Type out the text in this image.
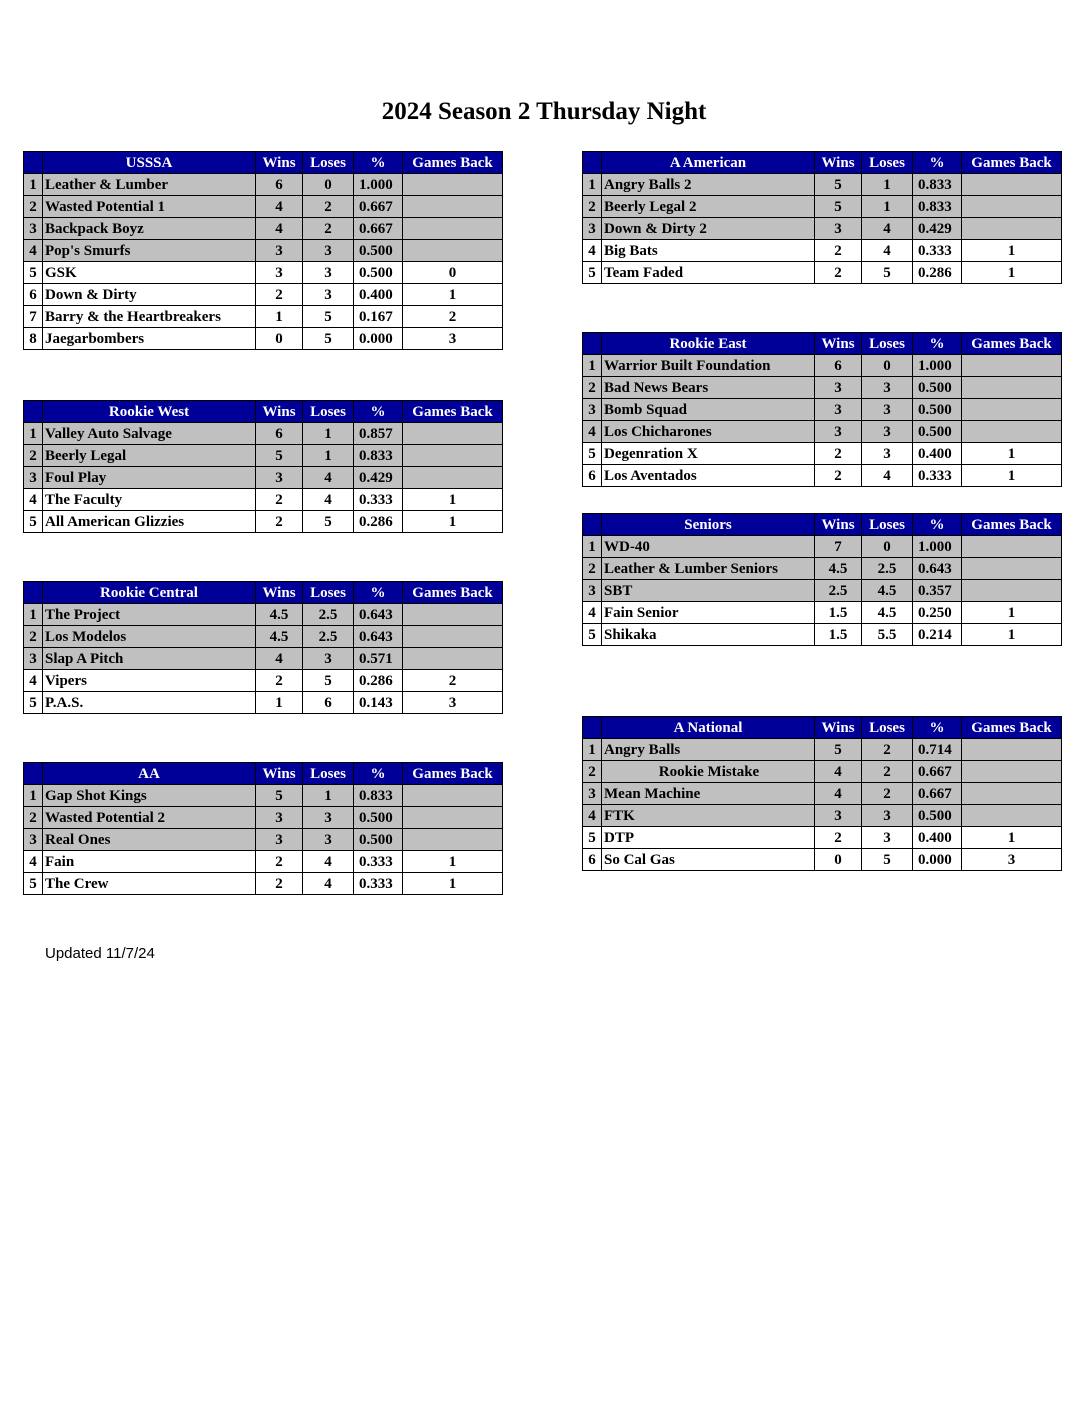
2024 Season 2 Thursday Night
	USSSA	Wins	Loses	%	Games Back
1	Leather & Lumber	6	0	1.000	
2	Wasted Potential 1	4	2	0.667	
3	Backpack Boyz	4	2	0.667	
4	Pop's Smurfs	3	3	0.500	
5	GSK	3	3	0.500	0
6	Down & Dirty	2	3	0.400	1
7	Barry & the Heartbreakers	1	5	0.167	2
8	Jaegarbombers	0	5	0.000	3
	Rookie West	Wins	Loses	%	Games Back
1	Valley Auto Salvage	6	1	0.857	
2	Beerly Legal	5	1	0.833	
3	Foul Play	3	4	0.429	
4	The Faculty	2	4	0.333	1
5	All American Glizzies	2	5	0.286	1
	Rookie Central	Wins	Loses	%	Games Back
1	The Project	4.5	2.5	0.643	
2	Los Modelos	4.5	2.5	0.643	
3	Slap A Pitch	4	3	0.571	
4	Vipers	2	5	0.286	2
5	P.A.S.	1	6	0.143	3
	AA	Wins	Loses	%	Games Back
1	Gap Shot Kings	5	1	0.833	
2	Wasted Potential 2	3	3	0.500	
3	Real Ones	3	3	0.500	
4	Fain	2	4	0.333	1
5	The Crew	2	4	0.333	1
	A American	Wins	Loses	%	Games Back
1	Angry Balls 2	5	1	0.833	
2	Beerly Legal 2	5	1	0.833	
3	Down & Dirty 2	3	4	0.429	
4	Big Bats	2	4	0.333	1
5	Team Faded	2	5	0.286	1
	Rookie East	Wins	Loses	%	Games Back
1	Warrior Built Foundation	6	0	1.000	
2	Bad News Bears	3	3	0.500	
3	Bomb Squad	3	3	0.500	
4	Los Chicharones	3	3	0.500	
5	Degenration X	2	3	0.400	1
6	Los Aventados	2	4	0.333	1
	Seniors	Wins	Loses	%	Games Back
1	WD-40	7	0	1.000	
2	Leather & Lumber Seniors	4.5	2.5	0.643	
3	SBT	2.5	4.5	0.357	
4	Fain Senior	1.5	4.5	0.250	1
5	Shikaka	1.5	5.5	0.214	1
	A National	Wins	Loses	%	Games Back
1	Angry Balls	5	2	0.714	
2	Rookie Mistake	4	2	0.667	
3	Mean Machine	4	2	0.667	
4	FTK	3	3	0.500	
5	DTP	2	3	0.400	1
6	So Cal Gas	0	5	0.000	3
Updated 11/7/24
